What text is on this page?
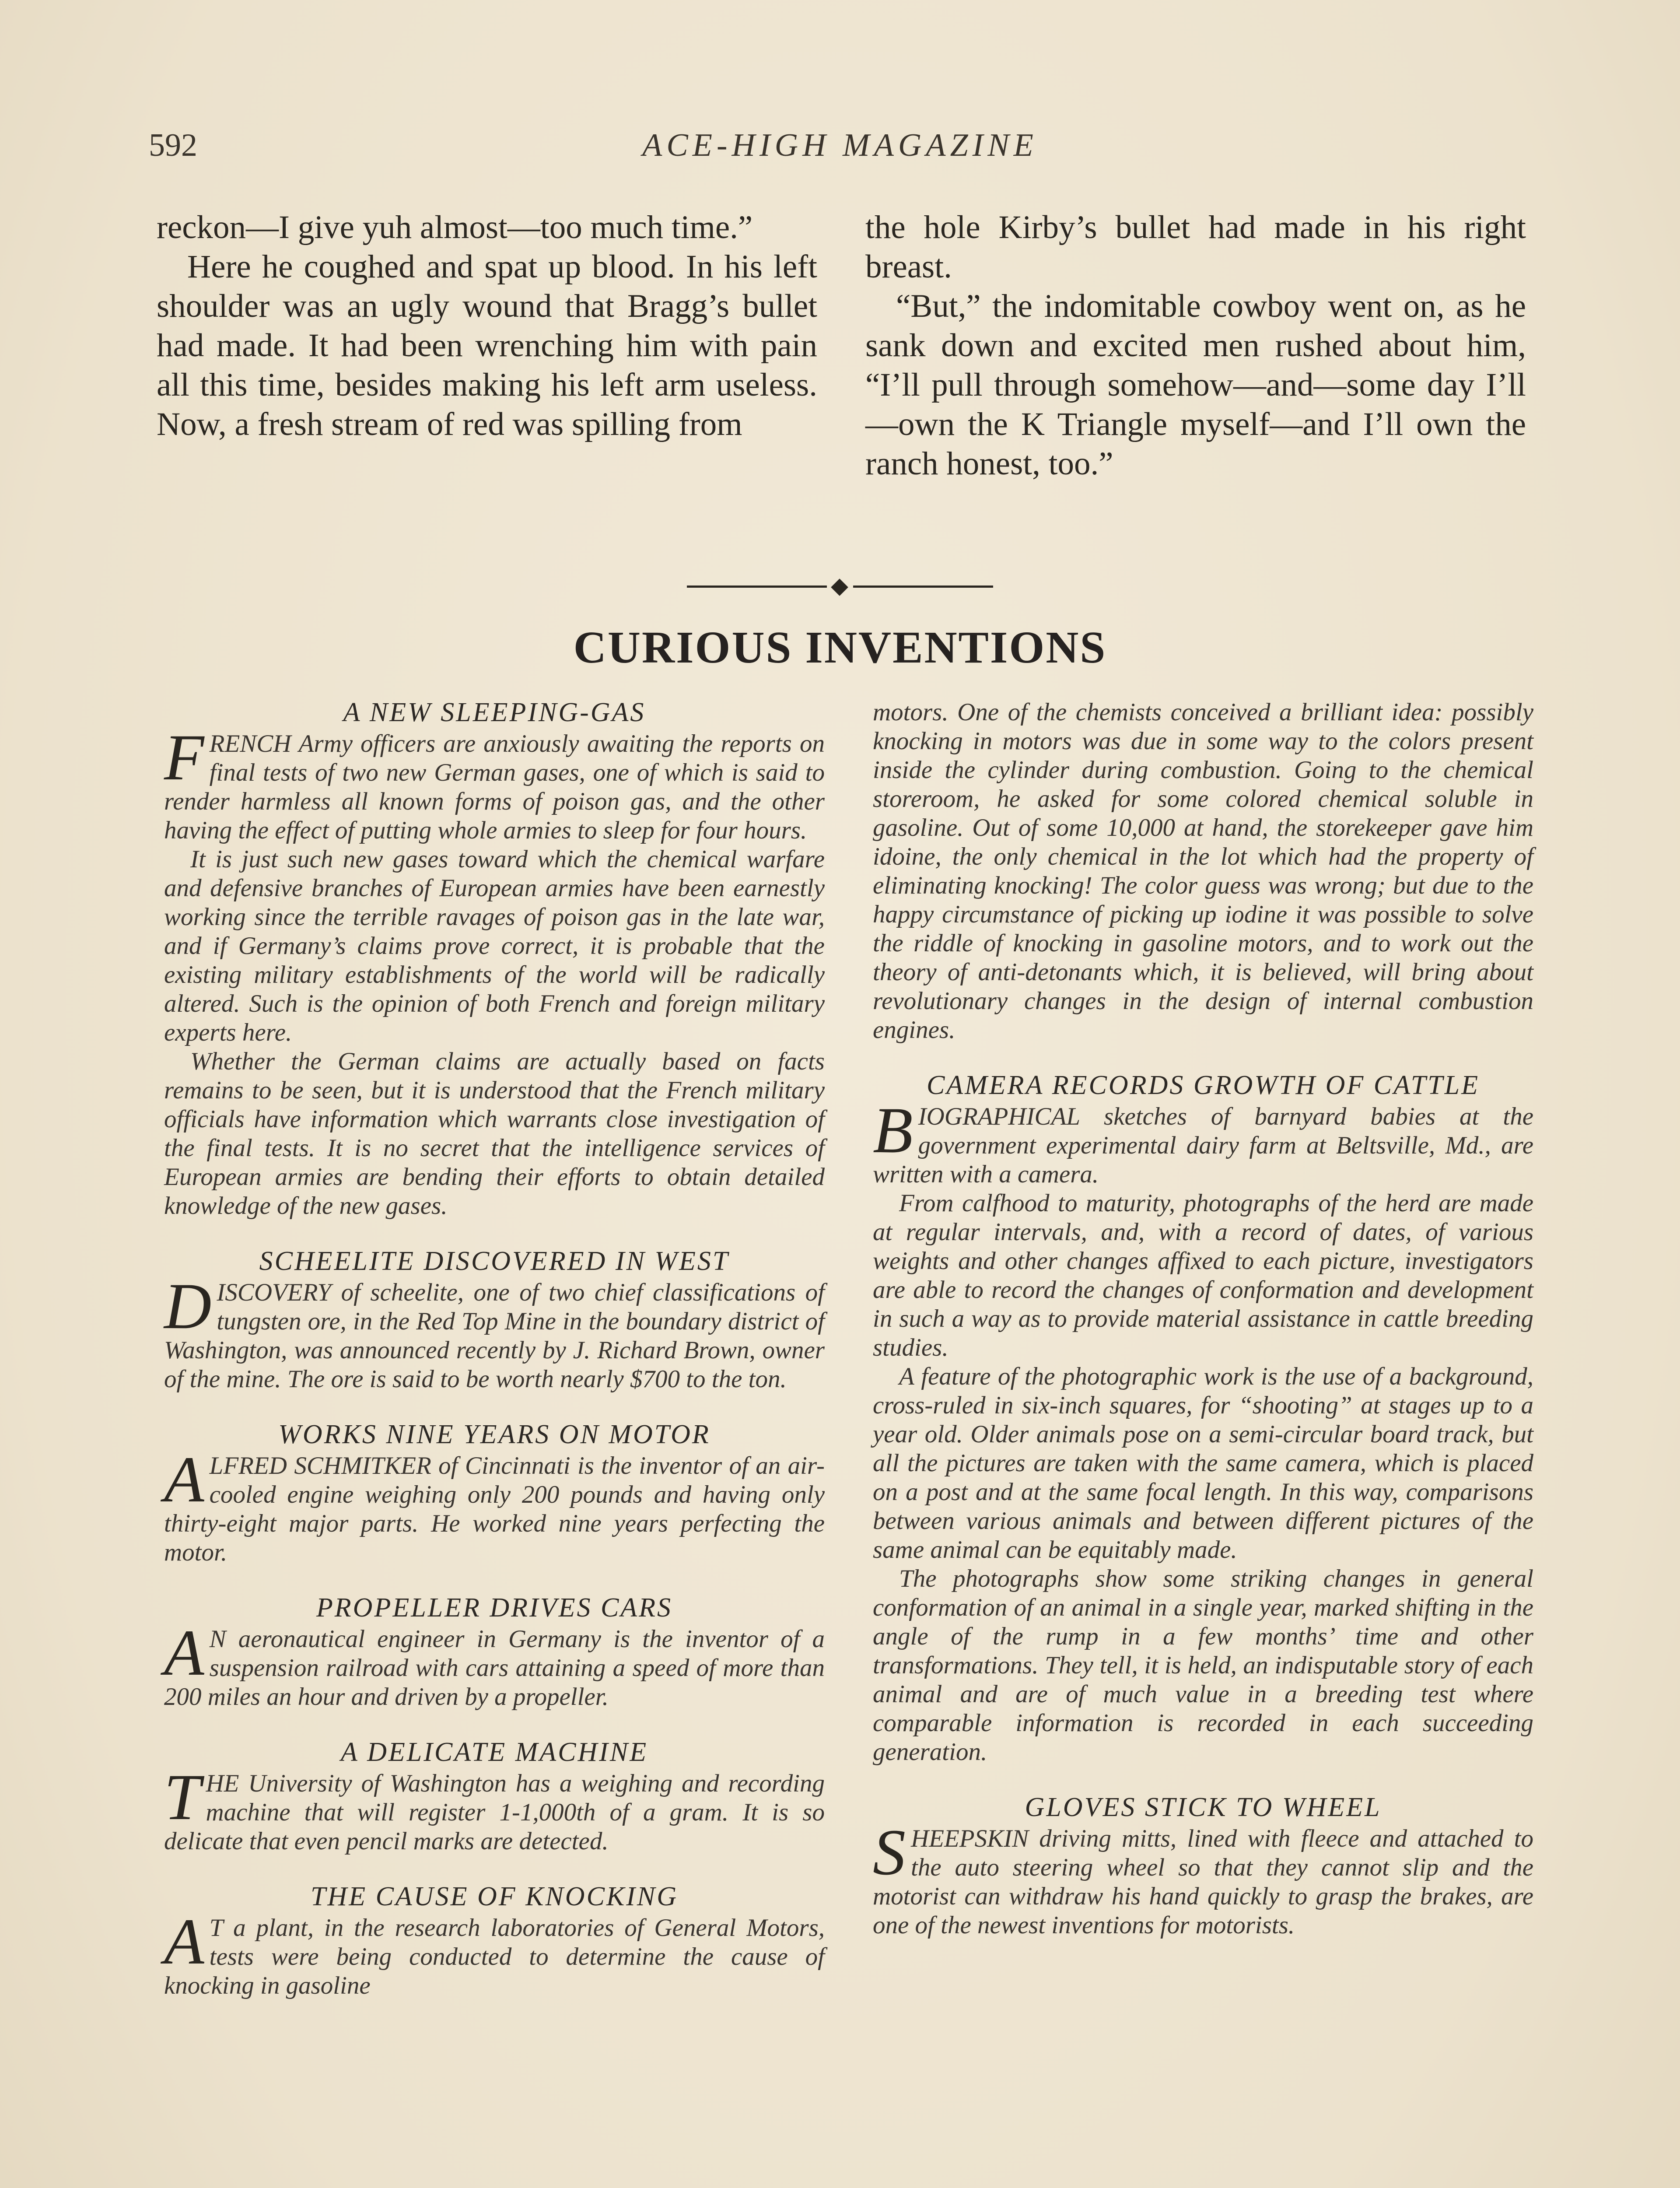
592	ACE-HIGH MAGAZINE

reckon—I give yuh almost—too much time.”

Here he coughed and spat up blood. In his left shoulder was an ugly wound that Bragg’s bullet had made. It had been wrenching him with pain all this time, besides making his left arm useless. Now, a fresh stream of red was spilling from

the hole Kirby’s bullet had made in his right breast.

“But,” the indomitable cowboy went on, as he sank down and excited men rushed about him, “I’ll pull through somehow—and—some day I’ll—own the K Triangle myself—and I’ll own the ranch honest, too.”

CURIOUS INVENTIONS
A NEW SLEEPING-GAS

FRENCH Army officers are anxiously awaiting the reports on final tests of two new German gases, one of which is said to render harmless all known forms of poison gas, and the other having the effect of putting whole armies to sleep for four hours.

It is just such new gases toward which the chemical warfare and defensive branches of European armies have been earnestly working since the terrible ravages of poison gas in the late war, and if Germany’s claims prove correct, it is probable that the existing military establishments of the world will be radically altered. Such is the opinion of both French and foreign military experts here.

Whether the German claims are actually based on facts remains to be seen, but it is understood that the French military officials have information which warrants close investigation of the final tests. It is no secret that the intelligence services of European armies are bending their efforts to obtain detailed knowledge of the new gases.

SCHEELITE DISCOVERED IN WEST

DISCOVERY of scheelite, one of two chief classifications of tungsten ore, in the Red Top Mine in the boundary district of Washington, was announced recently by J. Richard Brown, owner of the mine. The ore is said to be worth nearly $700 to the ton.

WORKS NINE YEARS ON MOTOR

ALFRED SCHMITKER of Cincinnati is the inventor of an air-cooled engine weighing only 200 pounds and having only thirty-eight major parts. He worked nine years perfecting the motor.

PROPELLER DRIVES CARS

A N aeronautical engineer in Germany is the inventor of a suspension railroad with cars attaining a speed of more than 200 miles an hour and driven by a propeller.

A DELICATE MACHINE

THE University of Washington has a weighing and recording machine that will register 1-1,000th of a gram. It is so delicate that even pencil marks are detected.

THE CAUSE OF KNOCKING

A T a plant, in the research laboratories of General Motors, tests were being conducted to determine the cause of knocking in gasoline

motors. One of the chemists conceived a brilliant idea: possibly knocking in motors was due in some way to the colors present inside the cylinder during combustion. Going to the chemical storeroom, he asked for some colored chemical soluble in gasoline. Out of some 10,000 at hand, the storekeeper gave him idoine, the only chemical in the lot which had the property of eliminating knocking! The color guess was wrong; but due to the happy circumstance of picking up iodine it was possible to solve the riddle of knocking in gasoline motors, and to work out the theory of anti-detonants which, it is believed, will bring about revolutionary changes in the design of internal combustion engines.

CAMERA RECORDS GROWTH OF CATTLE

BIOGRAPHICAL sketches of barnyard babies at the government experimental dairy farm at Beltsville, Md., are written with a camera.

From calfhood to maturity, photographs of the herd are made at regular intervals, and, with a record of dates, of various weights and other changes affixed to each picture, investigators are able to record the changes of conformation and development in such a way as to provide material assistance in cattle breeding studies.

A feature of the photographic work is the use of a background, cross-ruled in six-inch squares, for “shooting” at stages up to a year old. Older animals pose on a semi-circular board track, but all the pictures are taken with the same camera, which is placed on a post and at the same focal length. In this way, comparisons between various animals and between different pictures of the same animal can be equitably made.

The photographs show some striking changes in general conformation of an animal in a single year, marked shifting in the angle of the rump in a few months’ time and other transformations. They tell, it is held, an indisputable story of each animal and are of much value in a breeding test where comparable information is recorded in each succeeding generation.

GLOVES STICK TO WHEEL

SHEEPSKIN driving mitts, lined with fleece and attached to the auto steering wheel so that they cannot slip and the motorist can withdraw his hand quickly to grasp the brakes, are one of the newest inventions for motorists.
